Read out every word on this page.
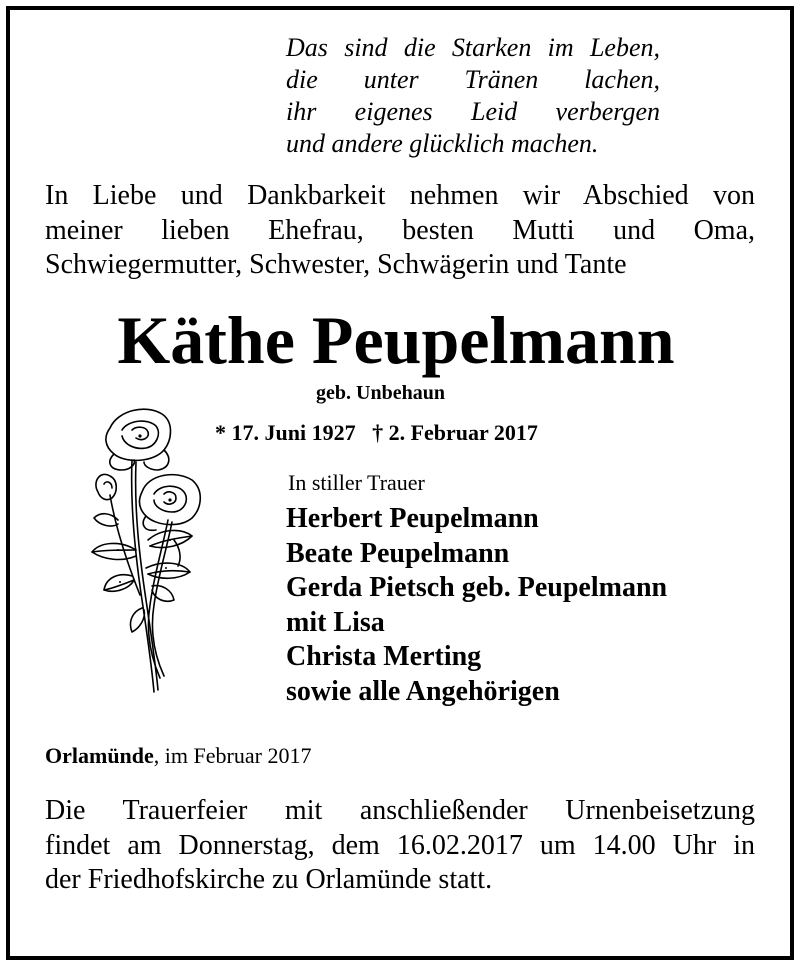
Das sind die Starken im Leben,
die unter Tränen lachen,
ihr eigenes Leid verbergen
und andere glücklich machen.
In Liebe und Dankbarkeit nehmen wir Abschied von
meiner lieben Ehefrau, besten Mutti und Oma,
Schwiegermutter, Schwester, Schwägerin und Tante
Käthe Peupelmann
geb. Unbehaun
* 17. Juni 1927 † 2. Februar 2017
In stiller Trauer
Herbert Peupelmann
Beate Peupelmann
Gerda Pietsch geb. Peupelmann
mit Lisa
Christa Merting
sowie alle Angehörigen
Orlamünde, im Februar 2017
Die Trauerfeier mit anschließender Urnenbeisetzung
findet am Donnerstag, dem 16.02.2017 um 14.00 Uhr in
der Friedhofskirche zu Orlamünde statt.
